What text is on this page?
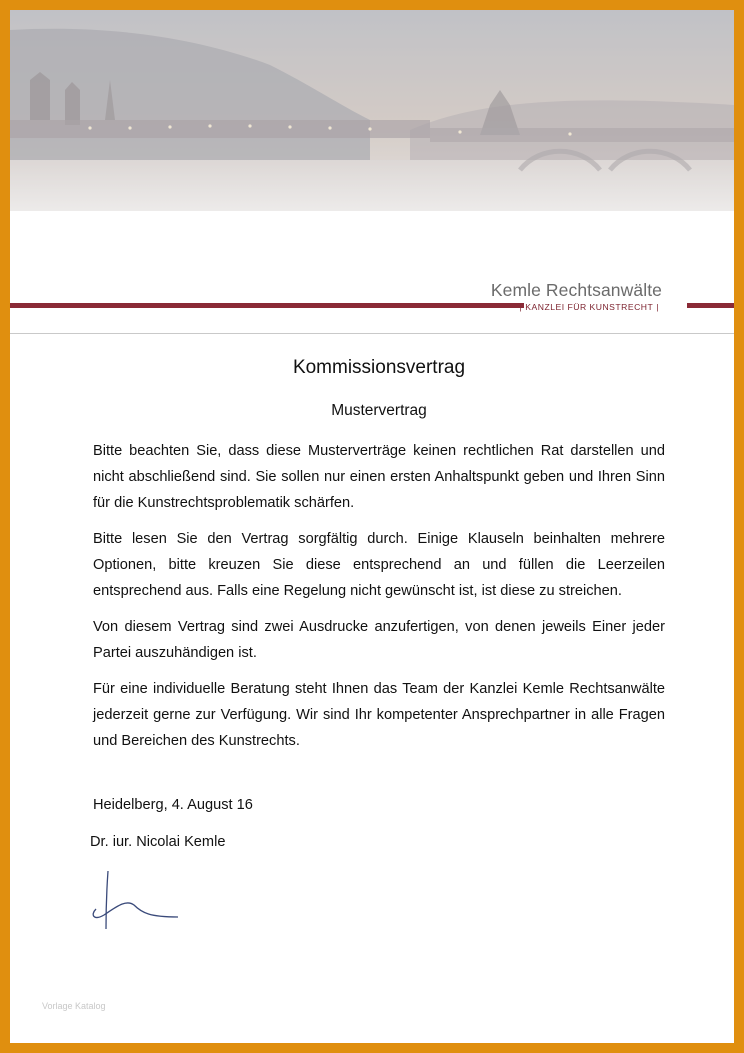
Kemle Rechtsanwälte
KANZLEI FÜR KUNSTRECHT |
Kommissionsvertrag
Mustervertrag

Bitte beachten Sie, dass diese Musterverträge keinen rechtlichen Rat darstellen und nicht abschließend sind. Sie sollen nur einen ersten Anhaltspunkt geben und Ihren Sinn für die Kunstrechtsproblematik schärfen.

Bitte lesen Sie den Vertrag sorgfältig durch. Einige Klauseln beinhalten mehrere Optionen, bitte kreuzen Sie diese entsprechend an und füllen die Leerzeilen entsprechend aus. Falls eine Regelung nicht gewünscht ist, ist diese zu streichen.

Von diesem Vertrag sind zwei Ausdrucke anzufertigen, von denen jeweils Einer jeder Partei auszuhändigen ist.

Für eine individuelle Beratung steht Ihnen das Team der Kanzlei Kemle Rechtsanwälte jederzeit gerne zur Verfügung. Wir sind Ihr kompetenter Ansprechpartner in alle Fragen und Bereichen des Kunstrechts.

Heidelberg, 4. August 16
Dr. iur. Nicolai Kemle
Vorlage Katalog
